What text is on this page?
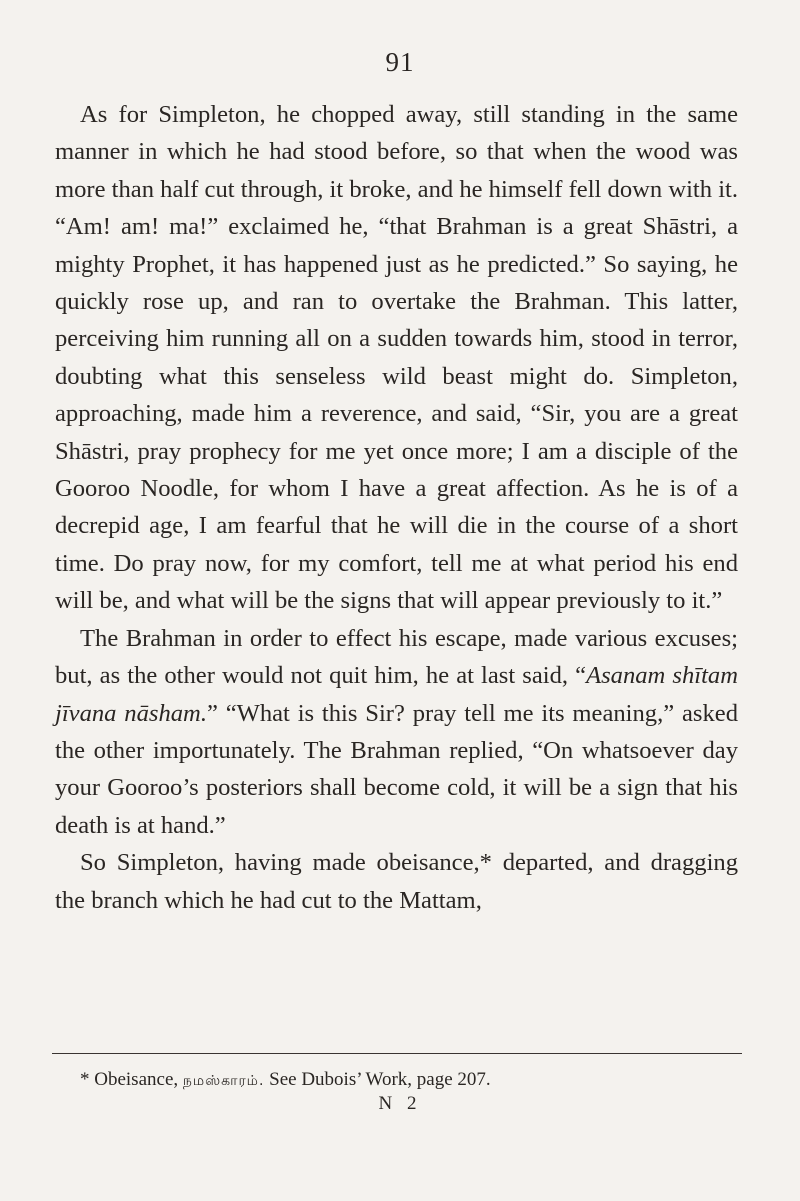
91

As for Simpleton, he chopped away, still standing in the same manner in which he had stood before, so that when the wood was more than half cut through, it broke, and he himself fell down with it. “Am! am! ma!” exclaimed he, “that Brahman is a great Shāstri, a mighty Prophet, it has happened just as he predicted.” So saying, he quickly rose up, and ran to overtake the Brahman. This latter, perceiving him running all on a sudden towards him, stood in terror, doubting what this senseless wild beast might do. Simpleton, approaching, made him a reverence, and said, “Sir, you are a great Shāstri, pray prophecy for me yet once more; I am a disciple of the Gooroo Noodle, for whom I have a great affection. As he is of a decrepid age, I am fearful that he will die in the course of a short time. Do pray now, for my comfort, tell me at what period his end will be, and what will be the signs that will appear previously to it.”

The Brahman in order to effect his escape, made various excuses; but, as the other would not quit him, he at last said, “Asanam shītam jīvana nāsham.” “What is this Sir? pray tell me its meaning,” asked the other importunately. The Brahman replied, “On whatsoever day your Gooroo’s posteriors shall become cold, it will be a sign that his death is at hand.”

So Simpleton, having made obeisance,* departed, and dragging the branch which he had cut to the Mattam,

* Obeisance, நமஸ்காரம். See Dubois’ Work, page 207.
N 2
